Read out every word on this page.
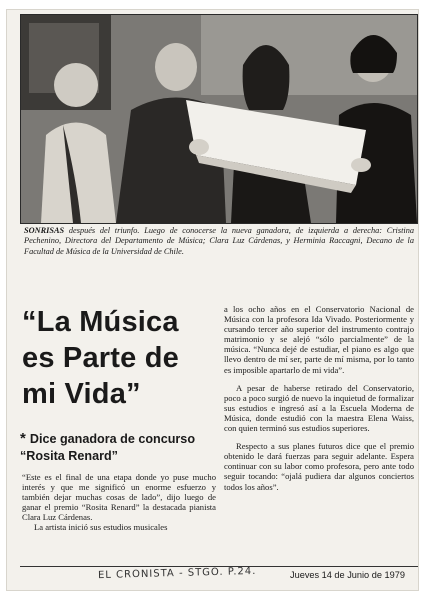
SONRISAS después del triunfo. Luego de conocerse la nueva ganadora, de izquierda a derecha: Cristina Pechenino, Directora del Departamento de Música; Clara Luz Cárdenas, y Herminia Raccagni, Decano de la Facultad de Música de la Universidad de Chile.

“La Música es Parte de mi Vida”
* Dice ganadora de concurso “Rosita Renard”

“Este es el final de una etapa donde yo puse mucho interés y que me significó un enorme esfuerzo y también dejar muchas cosas de lado”, dijo luego de ganar el premio “Rosita Renard” la destacada pianista Clara Luz Cárdenas.

La artista inició sus estudios musicales

a los ocho años en el Conservatorio Nacional de Música con la profesora Ida Vivado. Posteriormente y cursando tercer año superior del instrumento contrajo matrimonio y se alejó “sólo parcialmente” de la música. “Nunca dejé de estudiar, el piano es algo que llevo dentro de mí ser, parte de mí misma, por lo tanto es imposible apartarlo de mi vida”.

A pesar de haberse retirado del Conservatorio, poco a poco surgió de nuevo la inquietud de formalizar sus estudios e ingresó así a la Escuela Moderna de Música, donde estudió con la maestra Elena Waiss, con quien terminó sus estudios superiores.

Respecto a sus planes futuros dice que el premio obtenido le dará fuerzas para seguir adelante. Espera continuar con su labor como profesora, pero ante todo seguir tocando: “ojalá pudiera dar algunos conciertos todos los años”.

EL CRONISTA - STGO. P.24.	Jueves 14 de Junio de 1979
